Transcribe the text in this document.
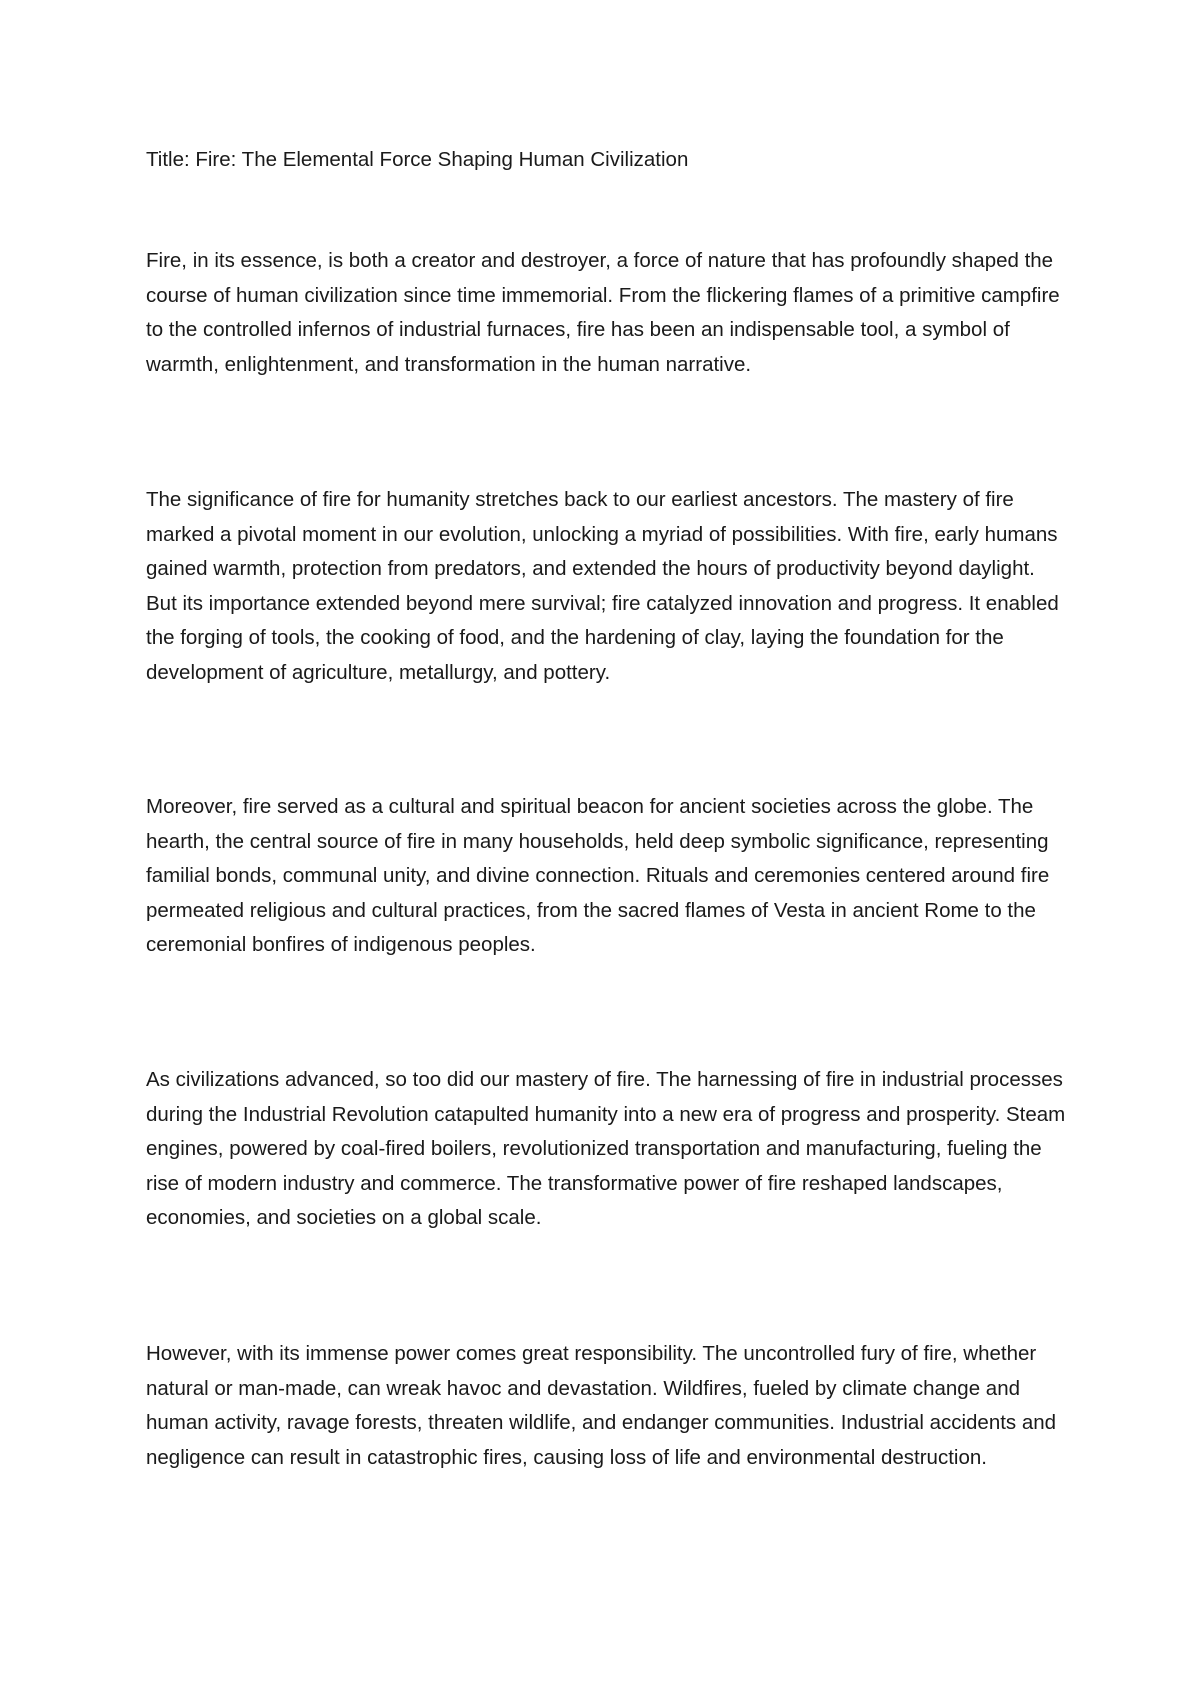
Title: Fire: The Elemental Force Shaping Human Civilization

Fire, in its essence, is both a creator and destroyer, a force of nature that has profoundly shaped the course of human civilization since time immemorial. From the flickering flames of a primitive campfire to the controlled infernos of industrial furnaces, fire has been an indispensable tool, a symbol of warmth, enlightenment, and transformation in the human narrative.

The significance of fire for humanity stretches back to our earliest ancestors. The mastery of fire marked a pivotal moment in our evolution, unlocking a myriad of possibilities. With fire, early humans gained warmth, protection from predators, and extended the hours of productivity beyond daylight. But its importance extended beyond mere survival; fire catalyzed innovation and progress. It enabled the forging of tools, the cooking of food, and the hardening of clay, laying the foundation for the development of agriculture, metallurgy, and pottery.

Moreover, fire served as a cultural and spiritual beacon for ancient societies across the globe. The hearth, the central source of fire in many households, held deep symbolic significance, representing familial bonds, communal unity, and divine connection. Rituals and ceremonies centered around fire permeated religious and cultural practices, from the sacred flames of Vesta in ancient Rome to the ceremonial bonfires of indigenous peoples.

As civilizations advanced, so too did our mastery of fire. The harnessing of fire in industrial processes during the Industrial Revolution catapulted humanity into a new era of progress and prosperity. Steam engines, powered by coal-fired boilers, revolutionized transportation and manufacturing, fueling the rise of modern industry and commerce. The transformative power of fire reshaped landscapes, economies, and societies on a global scale.

However, with its immense power comes great responsibility. The uncontrolled fury of fire, whether natural or man-made, can wreak havoc and devastation. Wildfires, fueled by climate change and human activity, ravage forests, threaten wildlife, and endanger communities. Industrial accidents and negligence can result in catastrophic fires, causing loss of life and environmental destruction.
